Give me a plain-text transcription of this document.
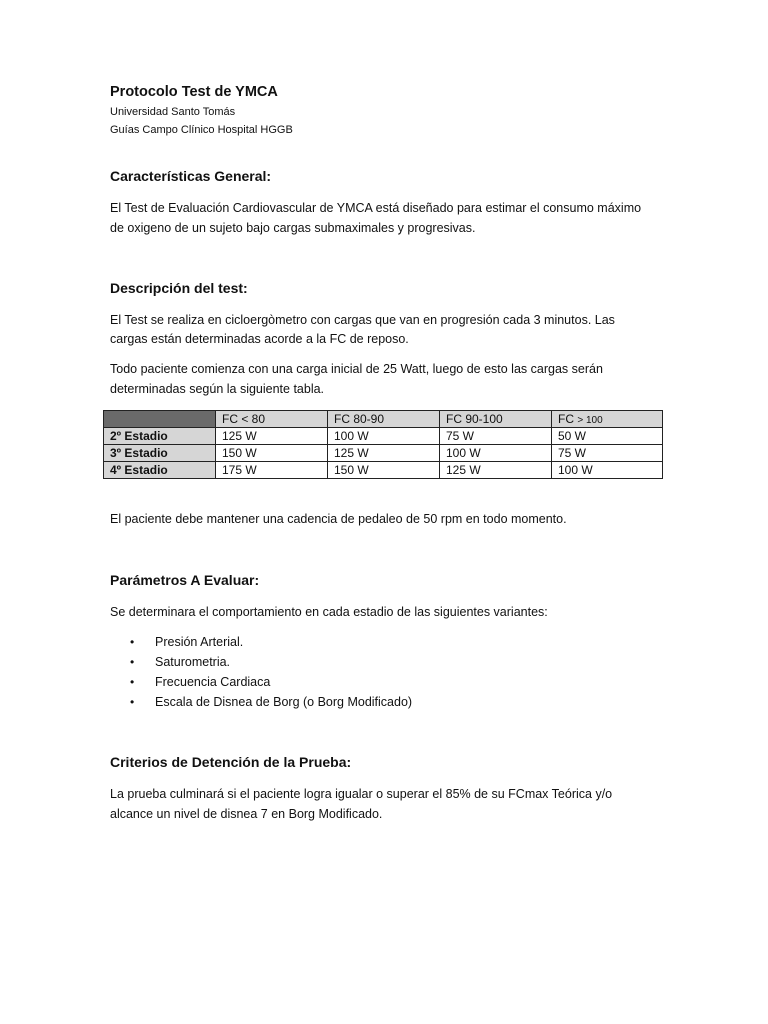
Protocolo Test de YMCA
Universidad Santo Tomás
Guías Campo Clínico Hospital HGGB
Características General:
El Test de Evaluación Cardiovascular de YMCA está diseñado para estimar el consumo máximo
de oxigeno de un sujeto bajo cargas submaximales y progresivas.
Descripción del test:
El Test se realiza en cicloergòmetro con cargas que van en progresión cada 3 minutos. Las
cargas están determinadas acorde a la FC de reposo.
Todo paciente comienza con una carga inicial de 25 Watt, luego de esto las cargas serán
determinadas según la siguiente tabla.
	FC < 80	FC 80-90	FC 90-100	FC > 100
2º Estadio	125 W	100 W	75 W	50 W
3º Estadio	150 W	125 W	100 W	75 W
4º Estadio	175 W	150 W	125 W	100 W
El paciente debe mantener una cadencia de pedaleo de 50 rpm en todo momento.
Parámetros A Evaluar:
Se determinara el comportamiento en cada estadio de las siguientes variantes:
• Presión Arterial.
• Saturometria.
• Frecuencia Cardiaca
• Escala de Disnea de Borg (o Borg Modificado)
Criterios de Detención de la Prueba:
La prueba culminará si el paciente logra igualar o superar el 85% de su FCmax Teórica y/o
alcance un nivel de disnea 7 en Borg Modificado.
